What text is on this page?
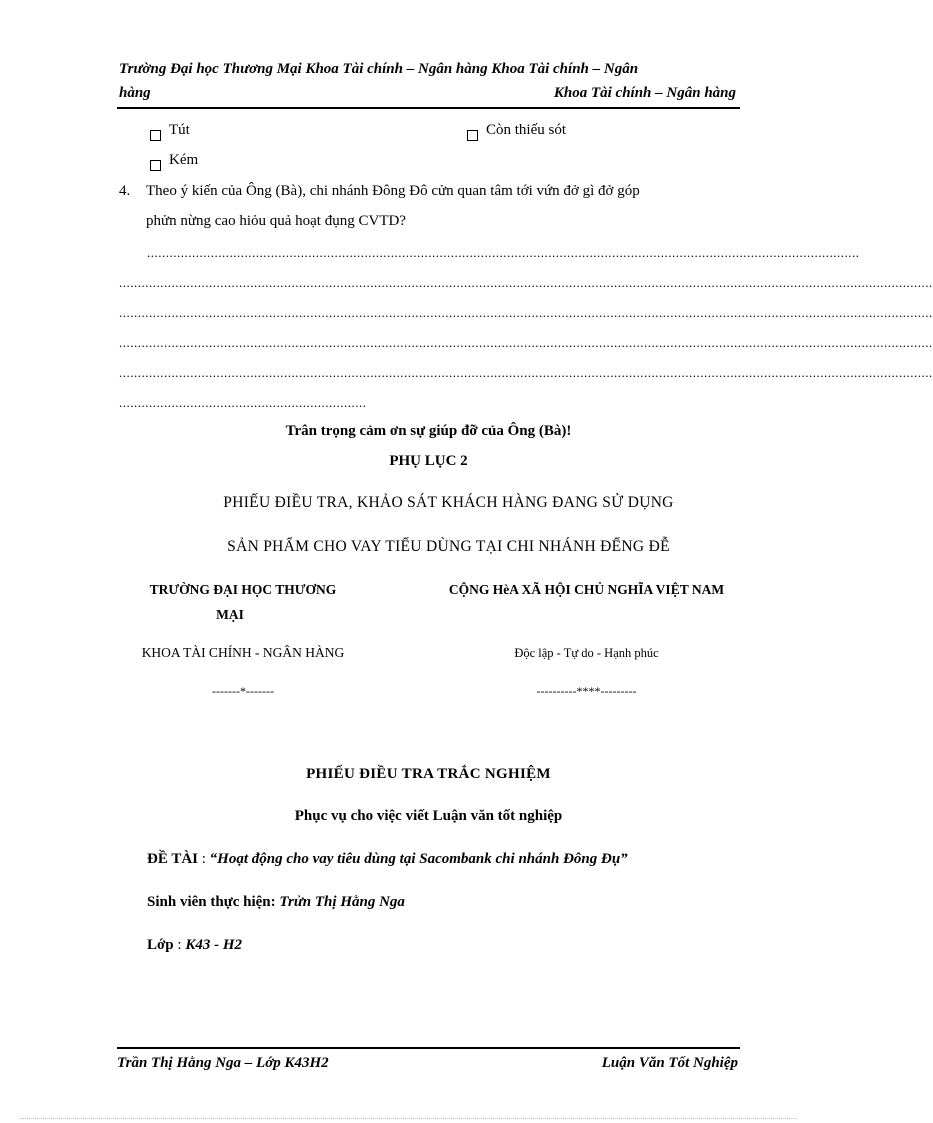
Trường Đại học Thương Mại Khoa Tài chính – Ngân hàng Khoa Tài chính – Ngân
hàng	Khoa Tài chính – Ngân hàng
Tút	Còn thiếu sót
Kém
4. Theo ý kiến của Ông (Bà), chi nhánh Đông Đô cửn quan tâm tới vứn đở gì đở góp
phửn nừng cao hiỏu quả hoạt đụng CVTD?
..............................................................................................................................................................................................
.........................................................................................................................................................................................................................
.........................................................................................................................................................................................................................
.........................................................................................................................................................................................................................
.........................................................................................................................................................................................................................
..................................................................
Trân trọng cảm ơn sự giúp đỡ của Ông (Bà)!
PHỤ LỤC 2
PHIẾU ĐIỀU TRA, KHẢO SÁT KHÁCH HÀNG ĐANG SỬ DỤNG
SẢN PHẨM CHO VAY TIẾU DÙNG TẠI CHI NHÁNH ĐẾNG ĐỄ
TRƯỜNG ĐẠI HỌC THƯƠNG
MẠI
KHOA TÀI CHÍNH - NGÂN HÀNG
-------*-------
CỘNG HèA XÃ HỘI CHỦ NGHĨA VIỆT NAM
Độc lập - Tự do - Hạnh phúc
----------****---------
PHIẾU ĐIỀU TRA TRẮC NGHIỆM
Phục vụ cho việc viết Luận văn tốt nghiệp
ĐỀ TÀI : “Hoạt động cho vay tiêu dùng tại Sacombank chi nhánh Đông Đụ”
Sinh viên thực hiện: Trửn Thị Hằng Nga
Lớp : K43 - H2
Trần Thị Hằng Nga – Lớp K43H2	Luận Văn Tốt Nghiệp
